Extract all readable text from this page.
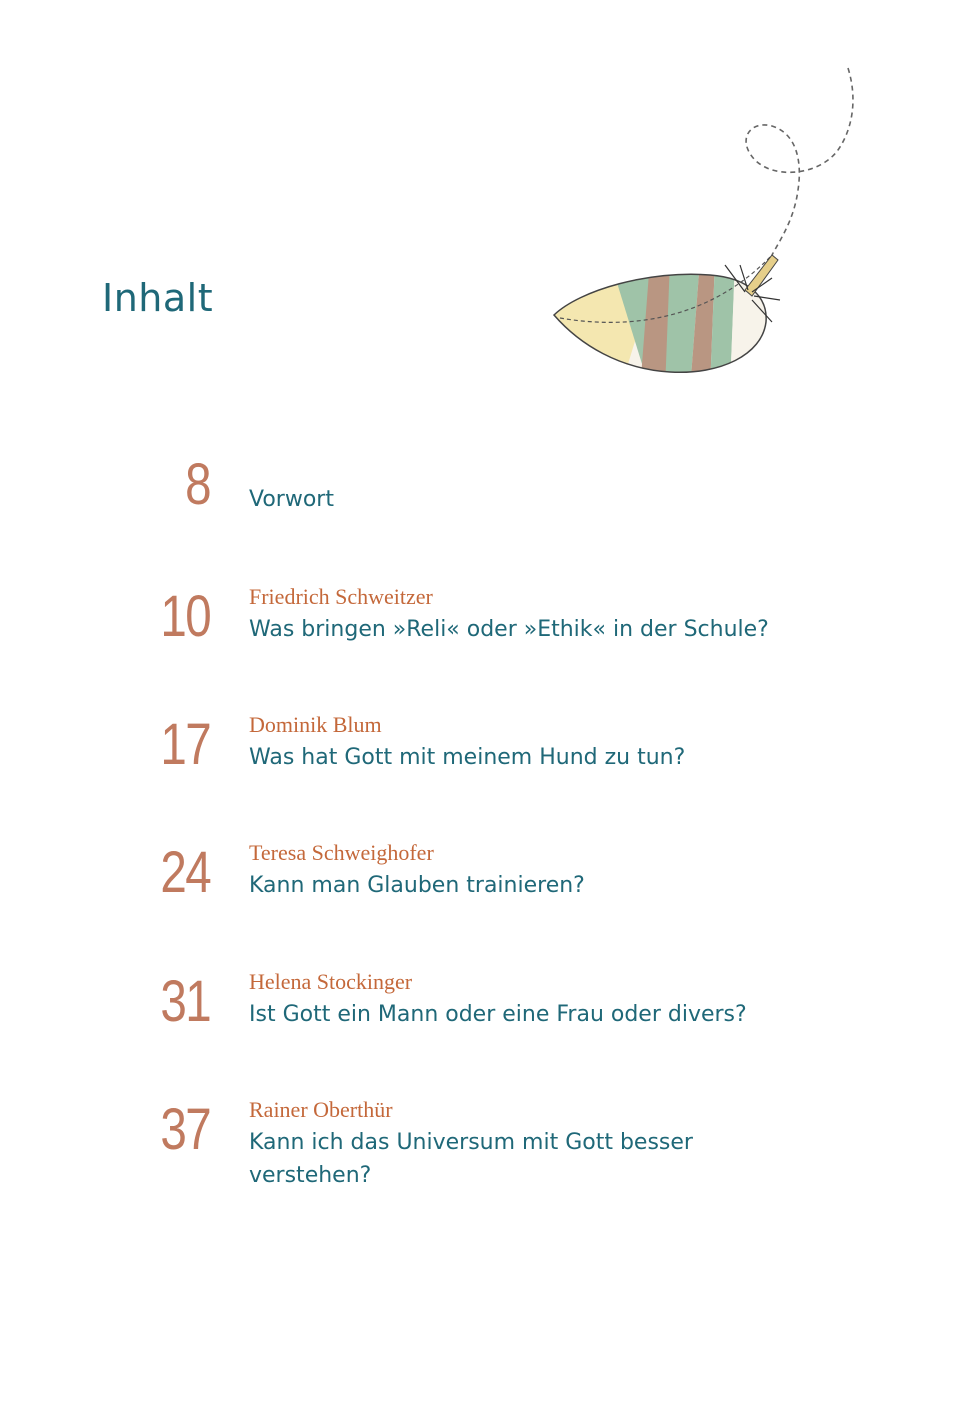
Inhalt
8 Vorwort
10 Friedrich Schweitzer
Was bringen »Reli« oder »Ethik« in der Schule?
17 Dominik Blum
Was hat Gott mit meinem Hund zu tun?
24 Teresa Schweighofer
Kann man Glauben trainieren?
31 Helena Stockinger
Ist Gott ein Mann oder eine Frau oder divers?
37 Rainer Oberthür
Kann ich das Universum mit Gott besser verstehen?
